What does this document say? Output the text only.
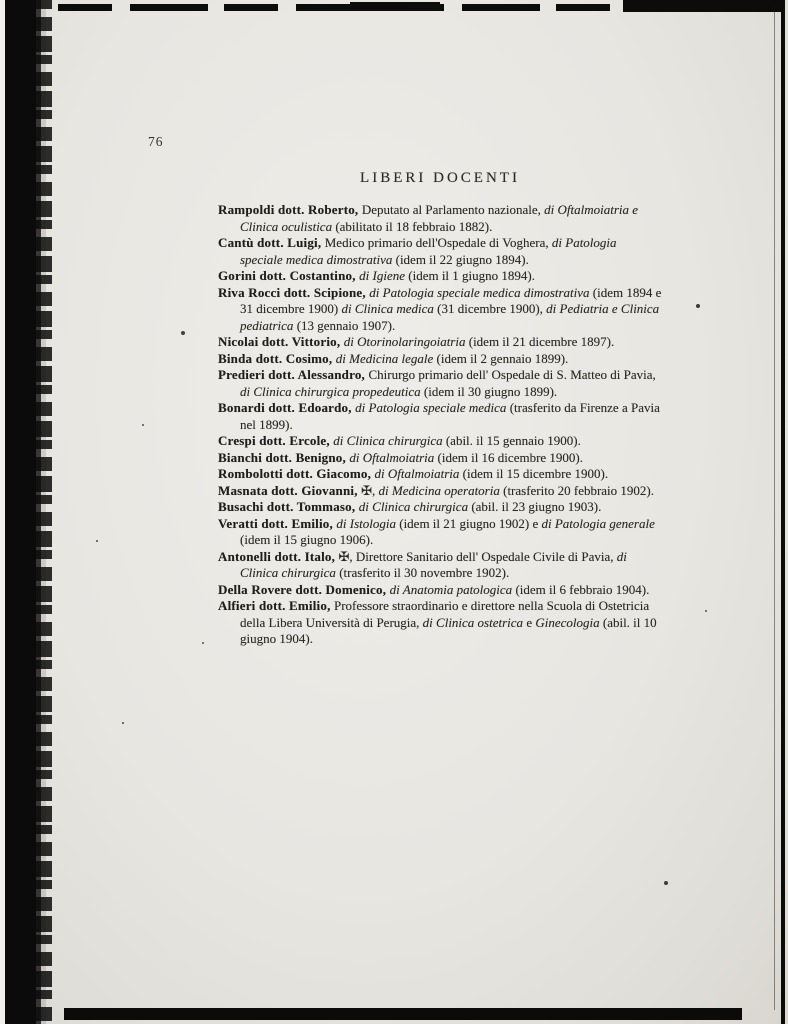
76
LIBERI DOCENTI

Rampoldi dott. Roberto, Deputato al Parlamento nazionale, di Oftalmoiatria e Clinica oculistica (abilitato il 18 febbraio 1882).

Cantù dott. Luigi, Medico primario dell'Ospedale di Voghera, di Patologia speciale medica dimostrativa (idem il 22 giugno 1894).

Gorini dott. Costantino, di Igiene (idem il 1 giugno 1894).

Riva Rocci dott. Scipione, di Patologia speciale medica dimostrativa (idem 1894 e 31 dicembre 1900) di Clinica medica (31 dicembre 1900), di Pediatria e Clinica pediatrica (13 gennaio 1907).

Nicolai dott. Vittorio, di Otorinolaringoiatria (idem il 21 dicembre 1897).

Binda dott. Cosimo, di Medicina legale (idem il 2 gennaio 1899).

Predieri dott. Alessandro, Chirurgo primario dell' Ospedale di S. Matteo di Pavia, di Clinica chirurgica propedeutica (idem il 30 giugno 1899).

Bonardi dott. Edoardo, di Patologia speciale medica (trasferito da Firenze a Pavia nel 1899).

Crespi dott. Ercole, di Clinica chirurgica (abil. il 15 gennaio 1900).

Bianchi dott. Benigno, di Oftalmoiatria (idem il 16 dicembre 1900).

Rombolotti dott. Giacomo, di Oftalmoiatria (idem il 15 dicembre 1900).

Masnata dott. Giovanni, ✠, di Medicina operatoria (trasferito 20 febbraio 1902).

Busachi dott. Tommaso, di Clinica chirurgica (abil. il 23 giugno 1903).

Veratti dott. Emilio, di Istologia (idem il 21 giugno 1902) e di Patologia generale (idem il 15 giugno 1906).

Antonelli dott. Italo, ✠, Direttore Sanitario dell' Ospedale Civile di Pavia, di Clinica chirurgica (trasferito il 30 novembre 1902).

Della Rovere dott. Domenico, di Anatomia patologica (idem il 6 febbraio 1904).

Alfieri dott. Emilio, Professore straordinario e direttore nella Scuola di Ostetricia della Libera Università di Perugia, di Clinica ostetrica e Ginecologia (abil. il 10 giugno 1904).
